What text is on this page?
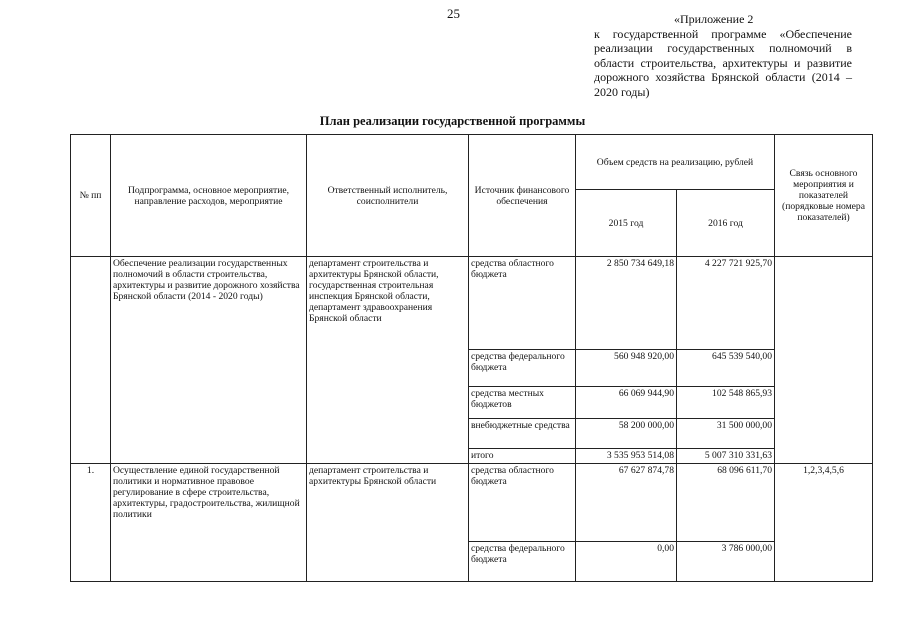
25	«Приложение 2
к государственной программе «Обеспечение реализации государственных полномочий в области строительства, архитектуры и развитие дорожного хозяйства Брянской области (2014 – 2020 годы)
План реализации государственной программы
№ пп	Подпрограмма, основное мероприятие, направление расходов, мероприятие	Ответственный исполнитель, соисполнители	Источник финансового обеспечения	Объем средств на реализацию, рублей		Связь основного мероприятия и показателей (порядковые номера показателей)
				2015 год	2016 год	
	Обеспечение реализации государственных полномочий в области строительства, архитектуры и развитие дорожного хозяйства Брянской области (2014 - 2020 годы)	департамент строительства и архитектуры Брянской области, государственная строительная инспекция Брянской области, департамент здравоохранения Брянской области	средства областного бюджета	2 850 734 649,18	4 227 721 925,70	
			средства федерального бюджета	560 948 920,00	645 539 540,00	
			средства местных бюджетов	66 069 944,90	102 548 865,93	
			внебюджетные средства	58 200 000,00	31 500 000,00	
			итого	3 535 953 514,08	5 007 310 331,63	
1.	Осуществление единой государственной политики и нормативное правовое регулирование в сфере строительства, архитектуры, градостроительства, жилищной политики	департамент строительства и архитектуры Брянской области	средства областного бюджета	67 627 874,78	68 096 611,70	1,2,3,4,5,6
			средства федерального бюджета	0,00	3 786 000,00	
